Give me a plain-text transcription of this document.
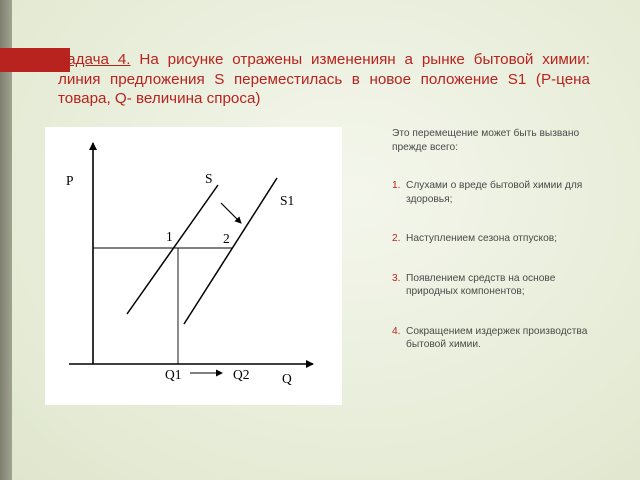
Задача 4. На рисунке отражены изменениян а рынке бытовой химии: линия предложения S переместилась в новое положение S1 (P-цена товара, Q- величина спроса)

P
Q
S
S1
1	2
Q1	Q2

Это перемещение может быть вызвано прежде всего:

1. Слухами о вреде бытовой химии для здоровья;
2. Наступлением сезона отпусков;
3. Появлением средств на основе природных компонентов;
4. Сокращением издержек производства бытовой химии.
